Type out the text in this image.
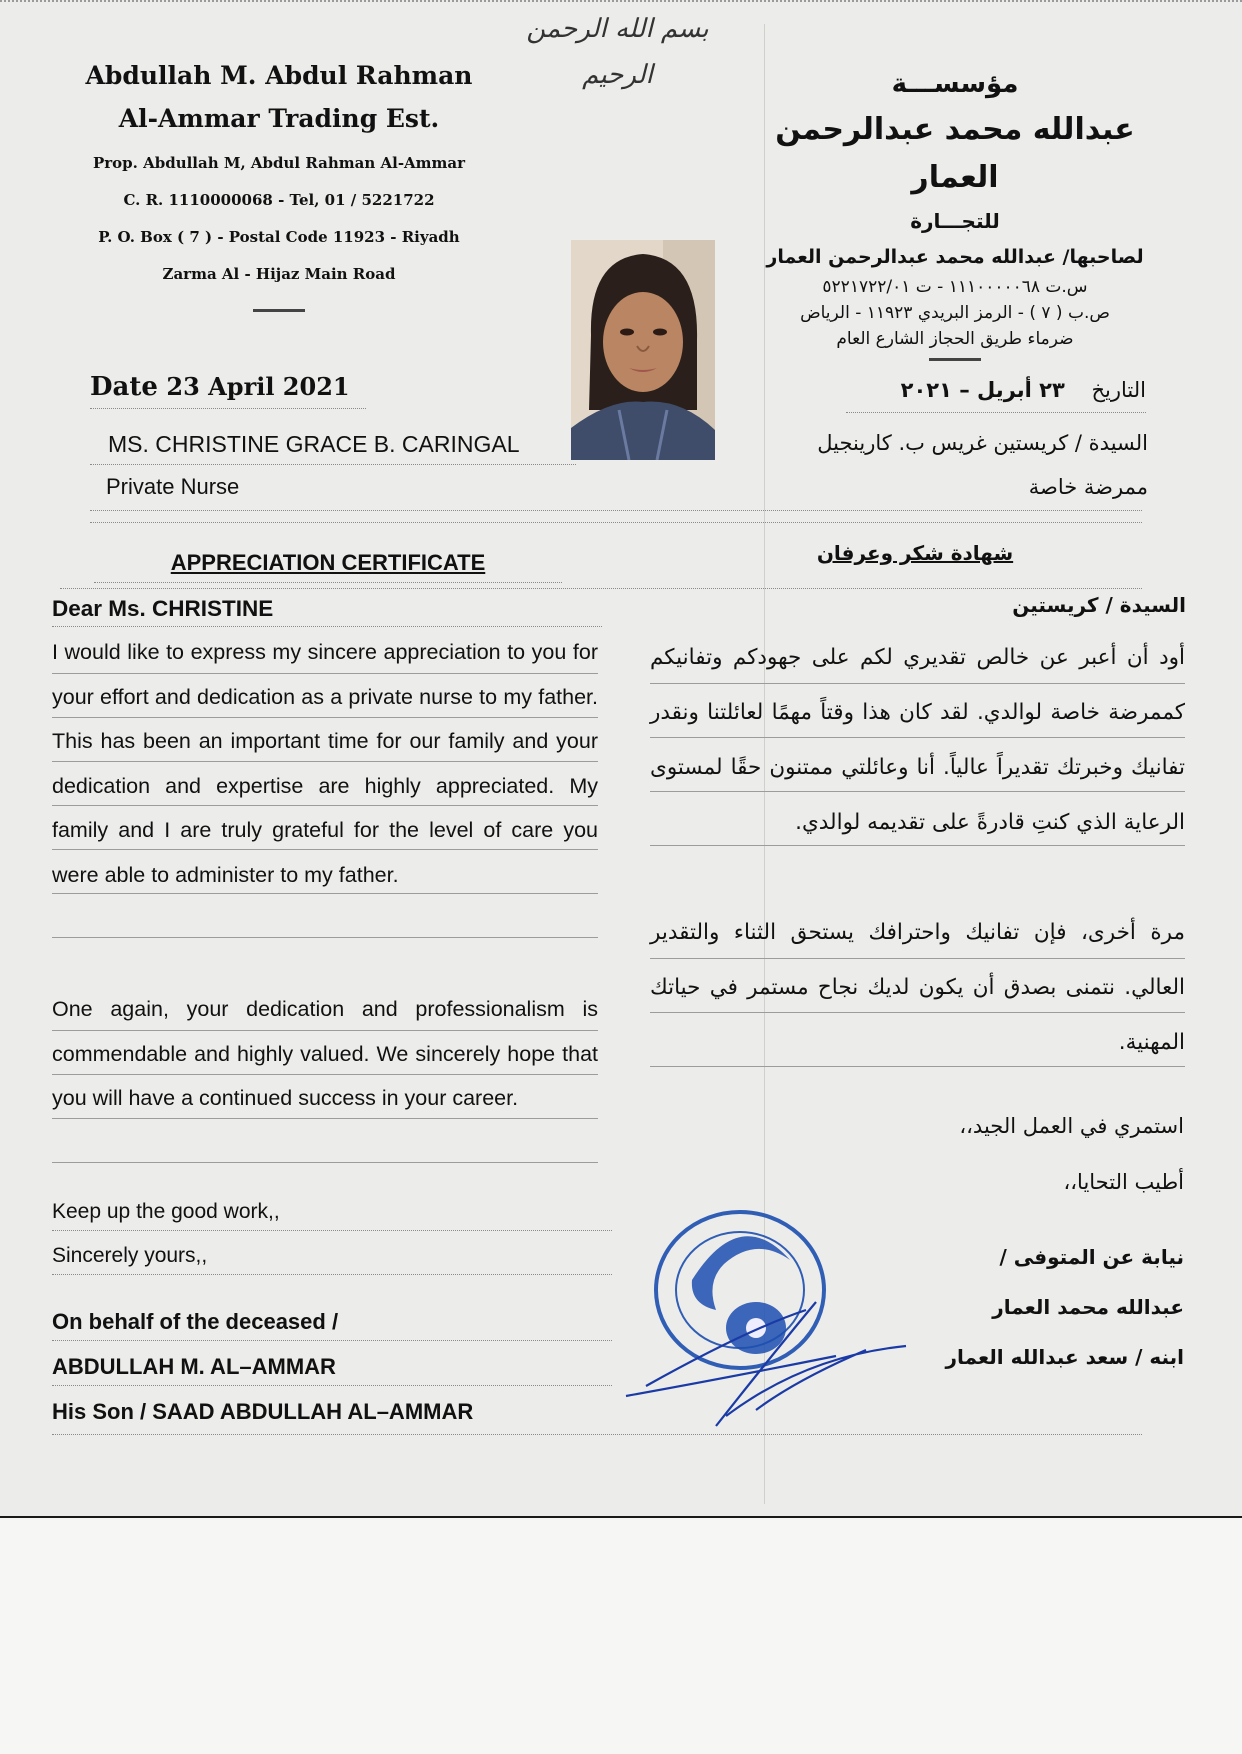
بسم الله الرحمن الرحيم
Abdullah M. Abdul Rahman
Al-Ammar Trading Est.
Prop. Abdullah M, Abdul Rahman Al-Ammar
C. R. 1110000068 - Tel, 01 / 5221722
P. O. Box ( 7 ) - Postal Code 11923 - Riyadh
Zarma Al - Hijaz Main Road
مؤسســـة
عبدالله محمد عبدالرحمن العمار
للتجـــارة
لصاحبها/ عبدالله محمد عبدالرحمن العمار
س.ت ١١١٠٠٠٠٠٦٨ - ت ٥٢٢١٧٢٢/٠١
ص.ب ( ٧ ) - الرمز البريدي ١١٩٢٣ - الرياض
ضرماء طريق الحجاز الشارع العام
Date 23 April 2021
MS. CHRISTINE GRACE B. CARINGAL
Private Nurse
التاريخ ٢٣ أبريل – ٢٠٢١
السيدة / كريستين غريس ب. كارينجيل
ممرضة خاصة
APPRECIATION CERTIFICATE	شهادة شكر وعرفان
Dear Ms. CHRISTINE	السيدة / كريستين

I would like to express my sincere appreciation to you for your effort and dedication as a private nurse to my father. This has been an important time for our family and your dedication and expertise are highly appreciated. My family and I are truly grateful for the level of care you were able to administer to my father.

One again, your dedication and professionalism is commendable and highly valued. We sincerely hope that you will have a continued success in your career.

أود أن أعبر عن خالص تقديري لكم على جهودكم وتفانيكم كممرضة خاصة لوالدي. لقد كان هذا وقتاً مهمًا لعائلتنا ونقدر تفانيك وخبرتك تقديراً عالياً. أنا وعائلتي ممتنون حقًا لمستوى الرعاية الذي كنتِ قادرةً على تقديمه لوالدي.

مرة أخرى، فإن تفانيك واحترافك يستحق الثناء والتقدير العالي. نتمنى بصدق أن يكون لديك نجاح مستمر في حياتك المهنية.

Keep up the good work,,
Sincerely yours,,
On behalf of the deceased /
ABDULLAH M. AL–AMMAR
His Son / SAAD ABDULLAH AL–AMMAR
استمري في العمل الجيد،،
أطيب التحايا،،
نيابة عن المتوفى /
عبدالله محمد العمار
ابنه / سعد عبدالله العمار
